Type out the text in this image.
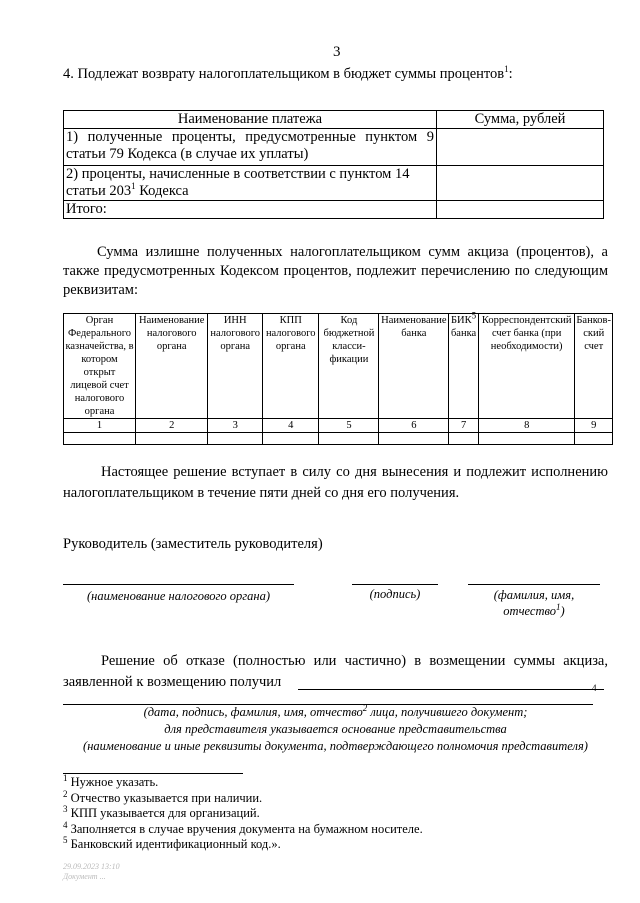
3
4. Подлежат возврату налогоплательщиком в бюджет суммы процентов$^1$:
Наименование платежа	Сумма, рублей
1) полученные проценты, предусмотренные пунктом 9 статьи 79 Кодекса (в случае их уплаты)	
2) проценты, начисленные в соответствии с пунктом 14 статьи $203^1$ Кодекса	
Итого:	
Сумма излишне полученных налогоплательщиком сумм акциза (процентов), а также предусмотренных Кодексом процентов, подлежит перечислению по следующим реквизитам:
Орган Федерального казначейства, в котором открыт лицевой счет налогового органа	Наименование налогового органа	ИНН налогового органа	КПП налогового органа	Код бюджетной класси-фикации	Наименование банка	БИК$^5$ банка	Корреспондентский счет банка (при необходимости)	Банков-ский счет
1	2	3	4	5	6	7	8	9

Настоящее решение вступает в силу со дня вынесения и подлежит исполнению налогоплательщиком в течение пяти дней со дня его получения.
Руководитель (заместитель руководителя)
(наименование налогового органа)	(подпись)	(фамилия, имя, отчество$^1$)
Решение об отказе (полностью или частично) в возмещении суммы акциза, заявленной к возмещению получил	4
(дата, подпись, фамилия, имя, отчество$^2$ лица, получившего документ;
для представителя указывается основание представительства
(наименование и иные реквизиты документа, подтверждающего полномочия представителя)
$^1$ Нужное указать.
$^2$ Отчество указывается при наличии.
$^3$ КПП указывается для организаций.
$^4$ Заполняется в случае вручения документа на бумажном носителе.
$^5$ Банковский идентификационный код.».
29.09.2023 13:10
Документ ...
